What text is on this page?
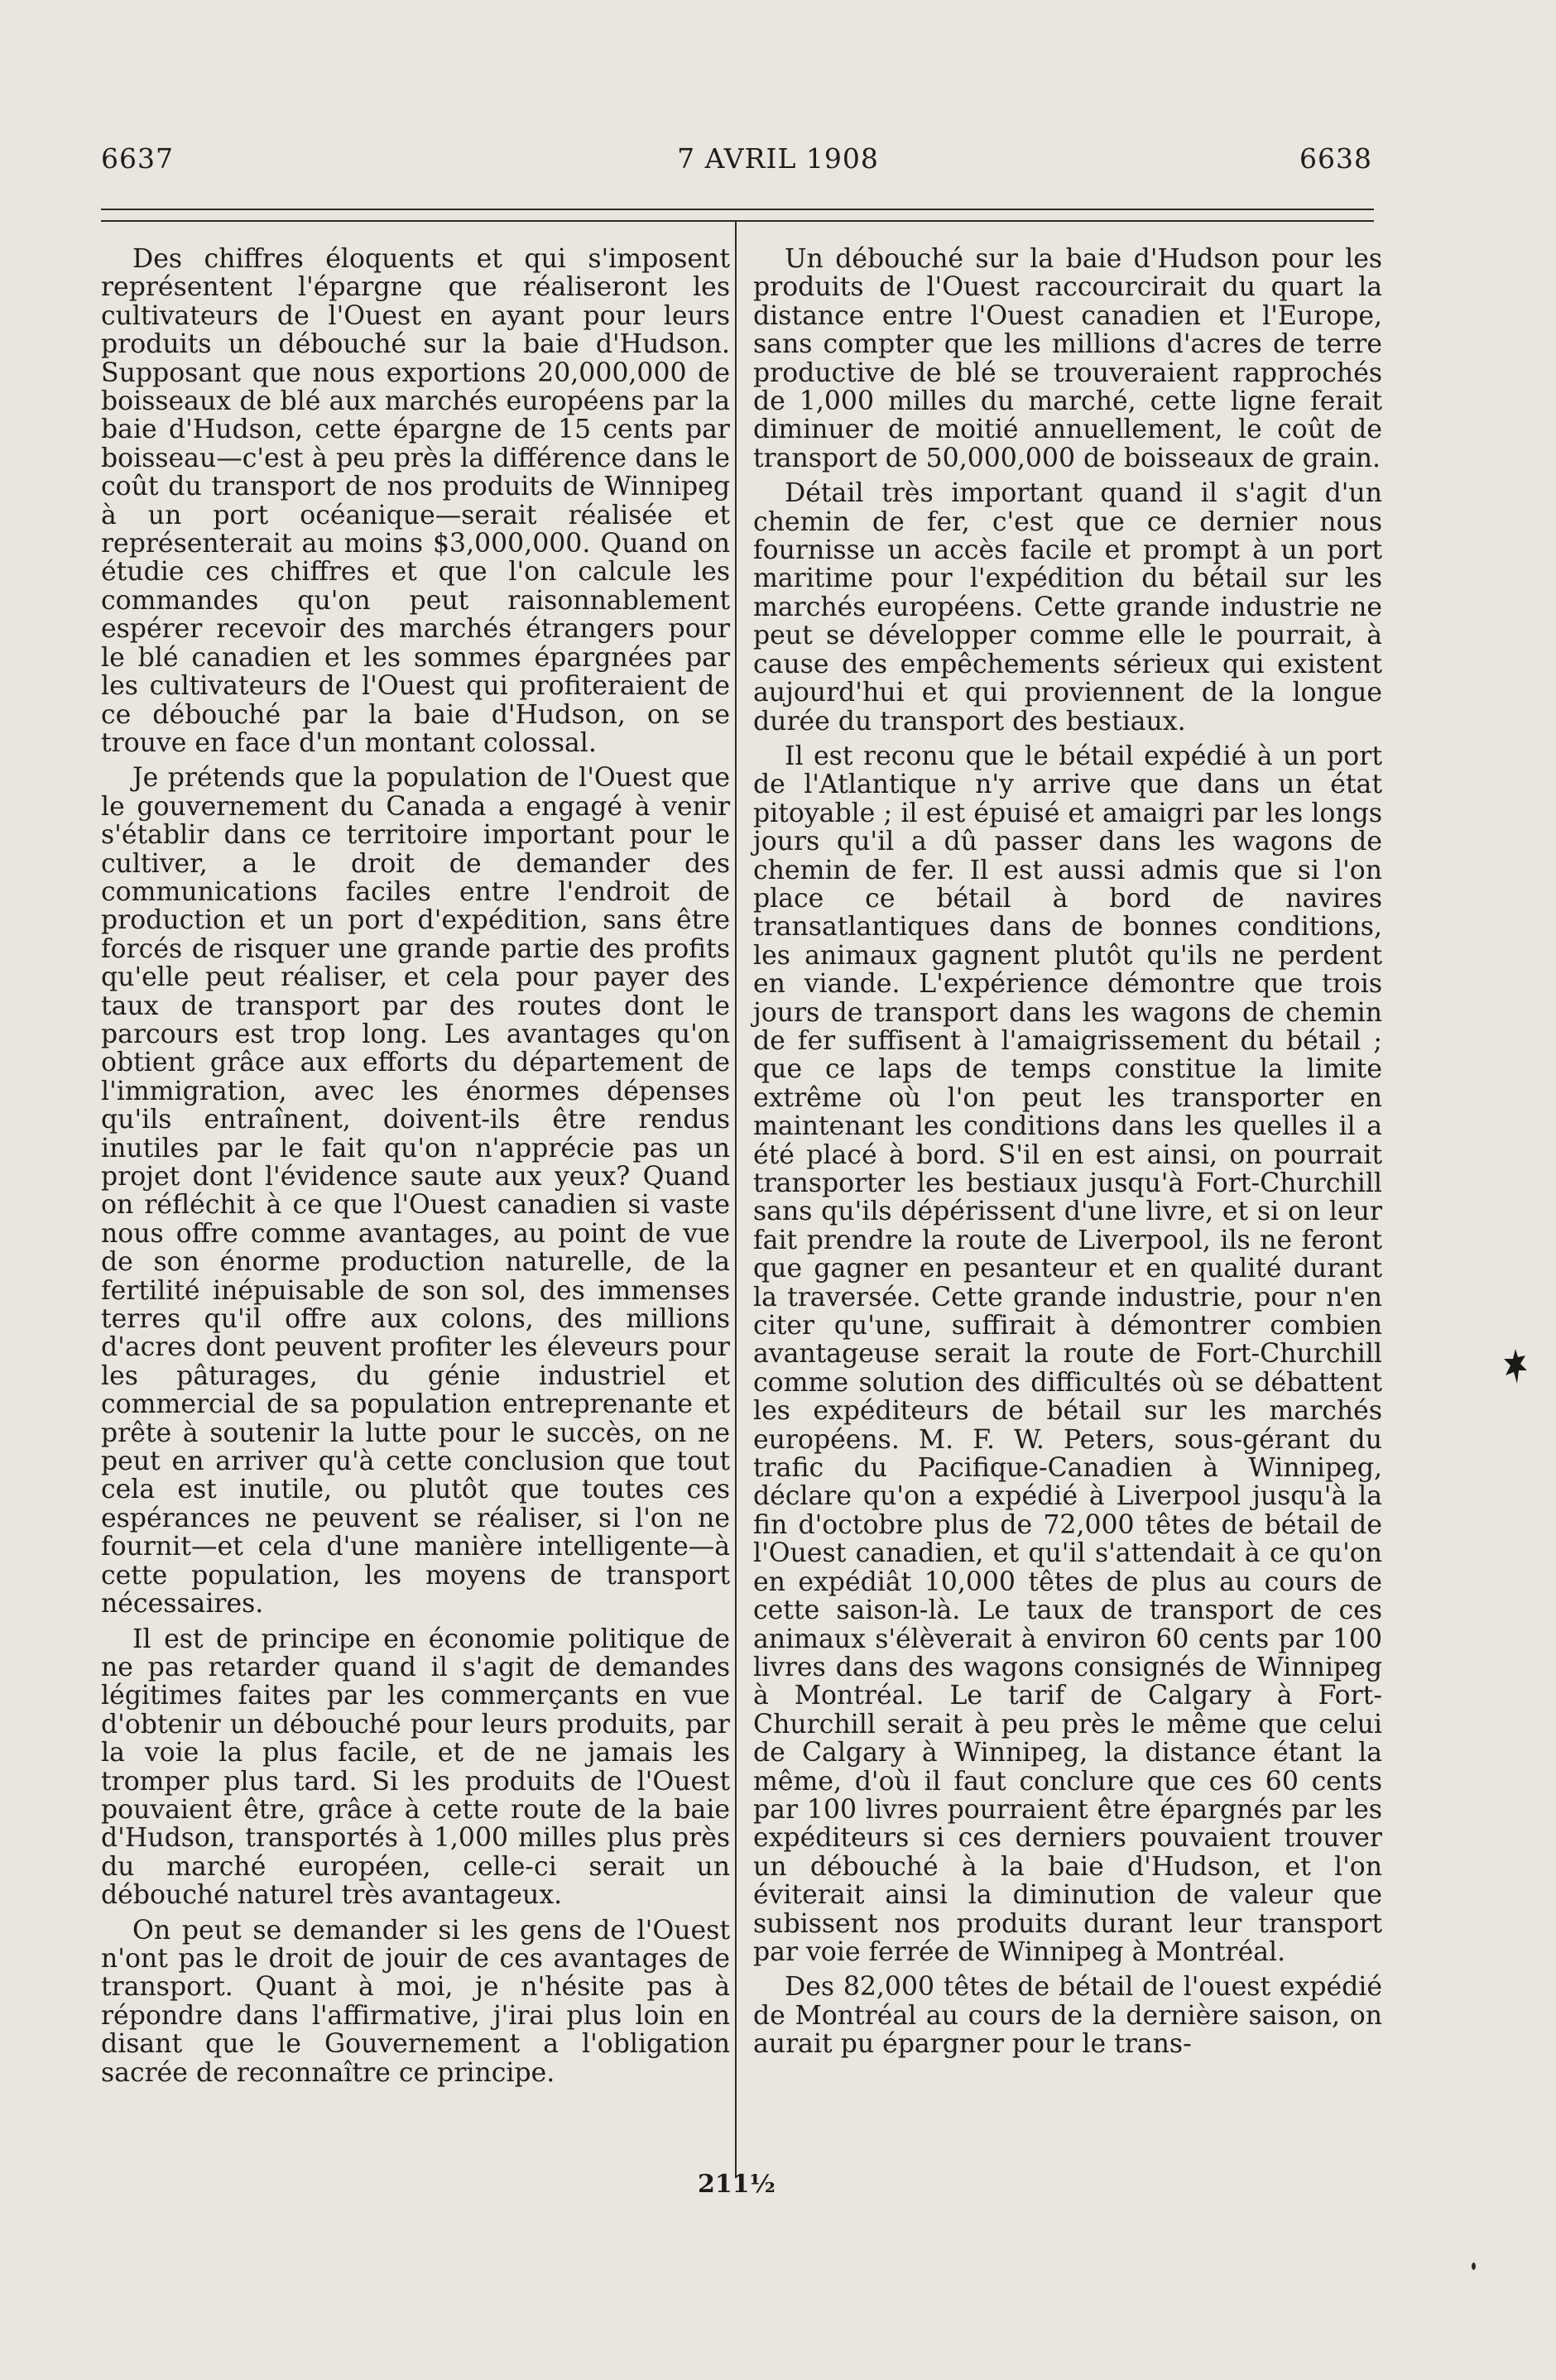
6637	7 AVRIL 1908	6638

Des chiffres éloquents et qui s'imposent représentent l'épargne que réaliseront les cultivateurs de l'Ouest en ayant pour leurs produits un débouché sur la baie d'Hudson. Supposant que nous exportions 20,000,000 de boisseaux de blé aux marchés européens par la baie d'Hudson, cette épargne de 15 cents par boisseau—c'est à peu près la différence dans le coût du transport de nos produits de Winnipeg à un port océanique—serait réalisée et représenterait au moins $3,000,000. Quand on étudie ces chiffres et que l'on calcule les commandes qu'on peut raisonnablement espérer recevoir des marchés étrangers pour le blé canadien et les sommes épargnées par les cultivateurs de l'Ouest qui profiteraient de ce débouché par la baie d'Hudson, on se trouve en face d'un montant colossal.

Je prétends que la population de l'Ouest que le gouvernement du Canada a engagé à venir s'établir dans ce territoire important pour le cultiver, a le droit de demander des communications faciles entre l'endroit de production et un port d'expédition, sans être forcés de risquer une grande partie des profits qu'elle peut réaliser, et cela pour payer des taux de transport par des routes dont le parcours est trop long. Les avantages qu'on obtient grâce aux efforts du département de l'immigration, avec les énormes dépenses qu'ils entraînent, doivent-ils être rendus inutiles par le fait qu'on n'apprécie pas un projet dont l'évidence saute aux yeux? Quand on réfléchit à ce que l'Ouest canadien si vaste nous offre comme avantages, au point de vue de son énorme production naturelle, de la fertilité inépuisable de son sol, des immenses terres qu'il offre aux colons, des millions d'acres dont peuvent profiter les éleveurs pour les pâturages, du génie industriel et commercial de sa population entreprenante et prête à soutenir la lutte pour le succès, on ne peut en arriver qu'à cette conclusion que tout cela est inutile, ou plutôt que toutes ces espérances ne peuvent se réaliser, si l'on ne fournit—et cela d'une manière intelligente—à cette population, les moyens de transport nécessaires.

Il est de principe en économie politique de ne pas retarder quand il s'agit de demandes légitimes faites par les commerçants en vue d'obtenir un débouché pour leurs produits, par la voie la plus facile, et de ne jamais les tromper plus tard. Si les produits de l'Ouest pouvaient être, grâce à cette route de la baie d'Hudson, transportés à 1,000 milles plus près du marché européen, celle-ci serait un débouché naturel très avantageux.

On peut se demander si les gens de l'Ouest n'ont pas le droit de jouir de ces avantages de transport. Quant à moi, je n'hésite pas à répondre dans l'affirmative, j'irai plus loin en disant que le Gouvernement a l'obligation sacrée de reconnaître ce principe.

Un débouché sur la baie d'Hudson pour les produits de l'Ouest raccourcirait du quart la distance entre l'Ouest canadien et l'Europe, sans compter que les millions d'acres de terre productive de blé se trouveraient rapprochés de 1,000 milles du marché, cette ligne ferait diminuer de moitié annuellement, le coût de transport de 50,000,000 de boisseaux de grain.

Détail très important quand il s'agit d'un chemin de fer, c'est que ce dernier nous fournisse un accès facile et prompt à un port maritime pour l'expédition du bétail sur les marchés européens. Cette grande industrie ne peut se développer comme elle le pourrait, à cause des empêchements sérieux qui existent aujourd'hui et qui proviennent de la longue durée du transport des bestiaux.

Il est reconu que le bétail expédié à un port de l'Atlantique n'y arrive que dans un état pitoyable ; il est épuisé et amaigri par les longs jours qu'il a dû passer dans les wagons de chemin de fer. Il est aussi admis que si l'on place ce bétail à bord de navires transatlantiques dans de bonnes conditions, les animaux gagnent plutôt qu'ils ne perdent en viande. L'expérience démontre que trois jours de transport dans les wagons de chemin de fer suffisent à l'amaigrissement du bétail ; que ce laps de temps constitue la limite extrême où l'on peut les transporter en maintenant les conditions dans les quelles il a été placé à bord. S'il en est ainsi, on pourrait transporter les bestiaux jusqu'à Fort-Churchill sans qu'ils dépérissent d'une livre, et si on leur fait prendre la route de Liverpool, ils ne feront que gagner en pesanteur et en qualité durant la traversée. Cette grande industrie, pour n'en citer qu'une, suffirait à démontrer combien avantageuse serait la route de Fort-Churchill comme solution des difficultés où se débattent les expéditeurs de bétail sur les marchés européens. M. F. W. Peters, sous-gérant du trafic du Pacifique-Canadien à Winnipeg, déclare qu'on a expédié à Liverpool jusqu'à la fin d'octobre plus de 72,000 têtes de bétail de l'Ouest canadien, et qu'il s'attendait à ce qu'on en expédiât 10,000 têtes de plus au cours de cette saison-là. Le taux de transport de ces animaux s'élèverait à environ 60 cents par 100 livres dans des wagons consignés de Winnipeg à Montréal. Le tarif de Calgary à Fort-Churchill serait à peu près le même que celui de Calgary à Winnipeg, la distance étant la même, d'où il faut conclure que ces 60 cents par 100 livres pourraient être épargnés par les expéditeurs si ces derniers pouvaient trouver un débouché à la baie d'Hudson, et l'on éviterait ainsi la diminution de valeur que subissent nos produits durant leur transport par voie ferrée de Winnipeg à Montréal.

Des 82,000 têtes de bétail de l'ouest expédié de Montréal au cours de la dernière saison, on aurait pu épargner pour le trans-

211½
